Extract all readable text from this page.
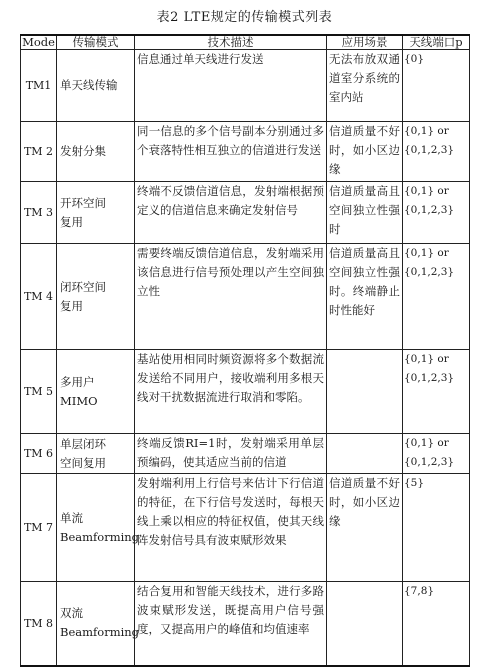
表2 LTE规定的传输模式列表
Mode	传输模式	技术描述	应用场景	天线端口p
TM1	单天线传输	信息通过单天线进行发送	无法布放双通道室分系统的室内站	{0}

TM 2	发射分集	同一信息的多个信号副本分别通过多个衰落特性相互独立的信道进行发送	信道质量不好时，如小区边缘	{0,1} or
{0,1,2,3}

TM 3	开环空间
复用	终端不反馈信道信息，发射端根据预定义的信道信息来确定发射信号	信道质量高且空间独立性强时	{0,1} or
{0,1,2,3}

TM 4	闭环空间
复用	需要终端反馈信道信息，发射端采用该信息进行信号预处理以产生空间独立性	信道质量高且空间独立性强时。终端静止时性能好	{0,1} or
{0,1,2,3}

TM 5	多用户
MIMO	基站使用相同时频资源将多个数据流发送给不同用户，接收端利用多根天线对干扰数据流进行取消和零陷。		{0,1} or
{0,1,2,3}

TM 6	单层闭环
空间复用	终端反馈RI=1时，发射端采用单层预编码，使其适应当前的信道		{0,1} or
{0,1,2,3}

TM 7	单流
Beamforming	发射端利用上行信号来估计下行信道的特征，在下行信号发送时，每根天线上乘以相应的特征权值，使其天线阵发射信号具有波束赋形效果	信道质量不好时，如小区边缘	{5}

TM 8	双流
Beamforming	结合复用和智能天线技术，进行多路波束赋形发送，既提高用户信号强度，又提高用户的峰值和均值速率		{7,8}
